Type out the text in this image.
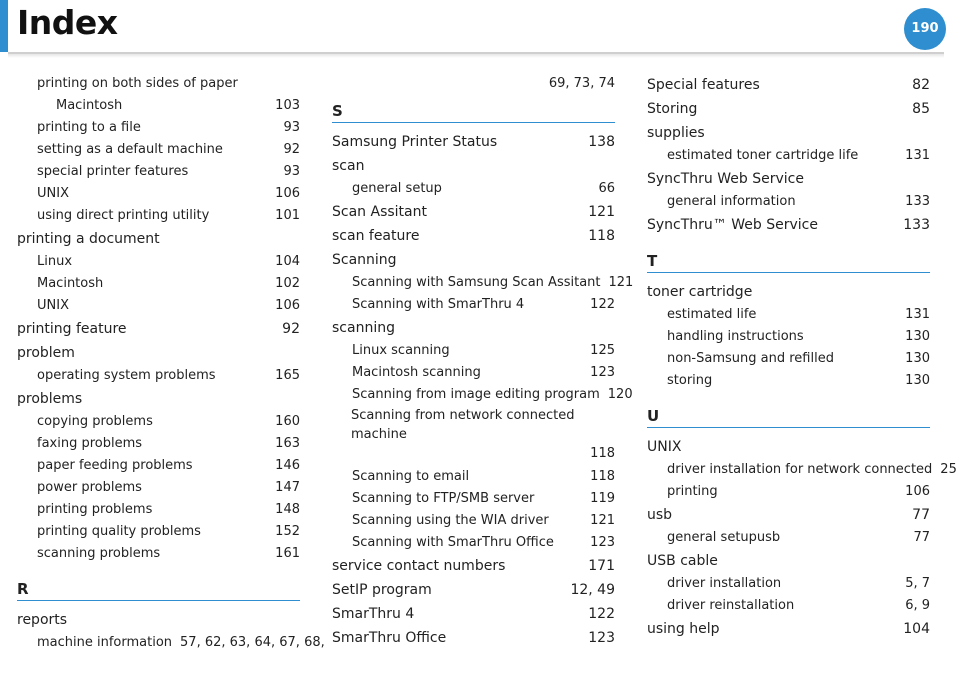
Index	190
printing on both sides of paper
Macintosh	103
printing to a file	93
setting as a default machine	92
special printer features	93
UNIX	106
using direct printing utility	101
printing a document
Linux	104
Macintosh	102
UNIX	106
printing feature	92
problem
operating system problems	165
problems
copying problems	160
faxing problems	163
paper feeding problems	146
power problems	147
printing problems	148
printing quality problems	152
scanning problems	161
R
reports
machine information 57, 62, 63, 64, 67, 68,
69, 73, 74
S
Samsung Printer Status	138
scan
general setup	66
Scan Assitant	121
scan feature	118
Scanning
Scanning with Samsung Scan Assitant 121
Scanning with SmarThru 4	122
scanning
Linux scanning	125
Macintosh scanning	123
Scanning from image editing program 120
Scanning from network connected machine
118
Scanning to email	118
Scanning to FTP/SMB server	119
Scanning using the WIA driver	121
Scanning with SmarThru Office	123
service contact numbers	171
SetIP program	12, 49
SmarThru 4	122
SmarThru Office	123
Special features	82
Storing	85
supplies
estimated toner cartridge life	131
SyncThru Web Service
general information	133
SyncThru™ Web Service	133
T
toner cartridge
estimated life	131
handling instructions	130
non-Samsung and refilled	130
storing	130
U
UNIX
driver installation for network connected 25
printing	106
usb	77
general setupusb	77
USB cable
driver installation	5, 7
driver reinstallation	6, 9
using help	104
